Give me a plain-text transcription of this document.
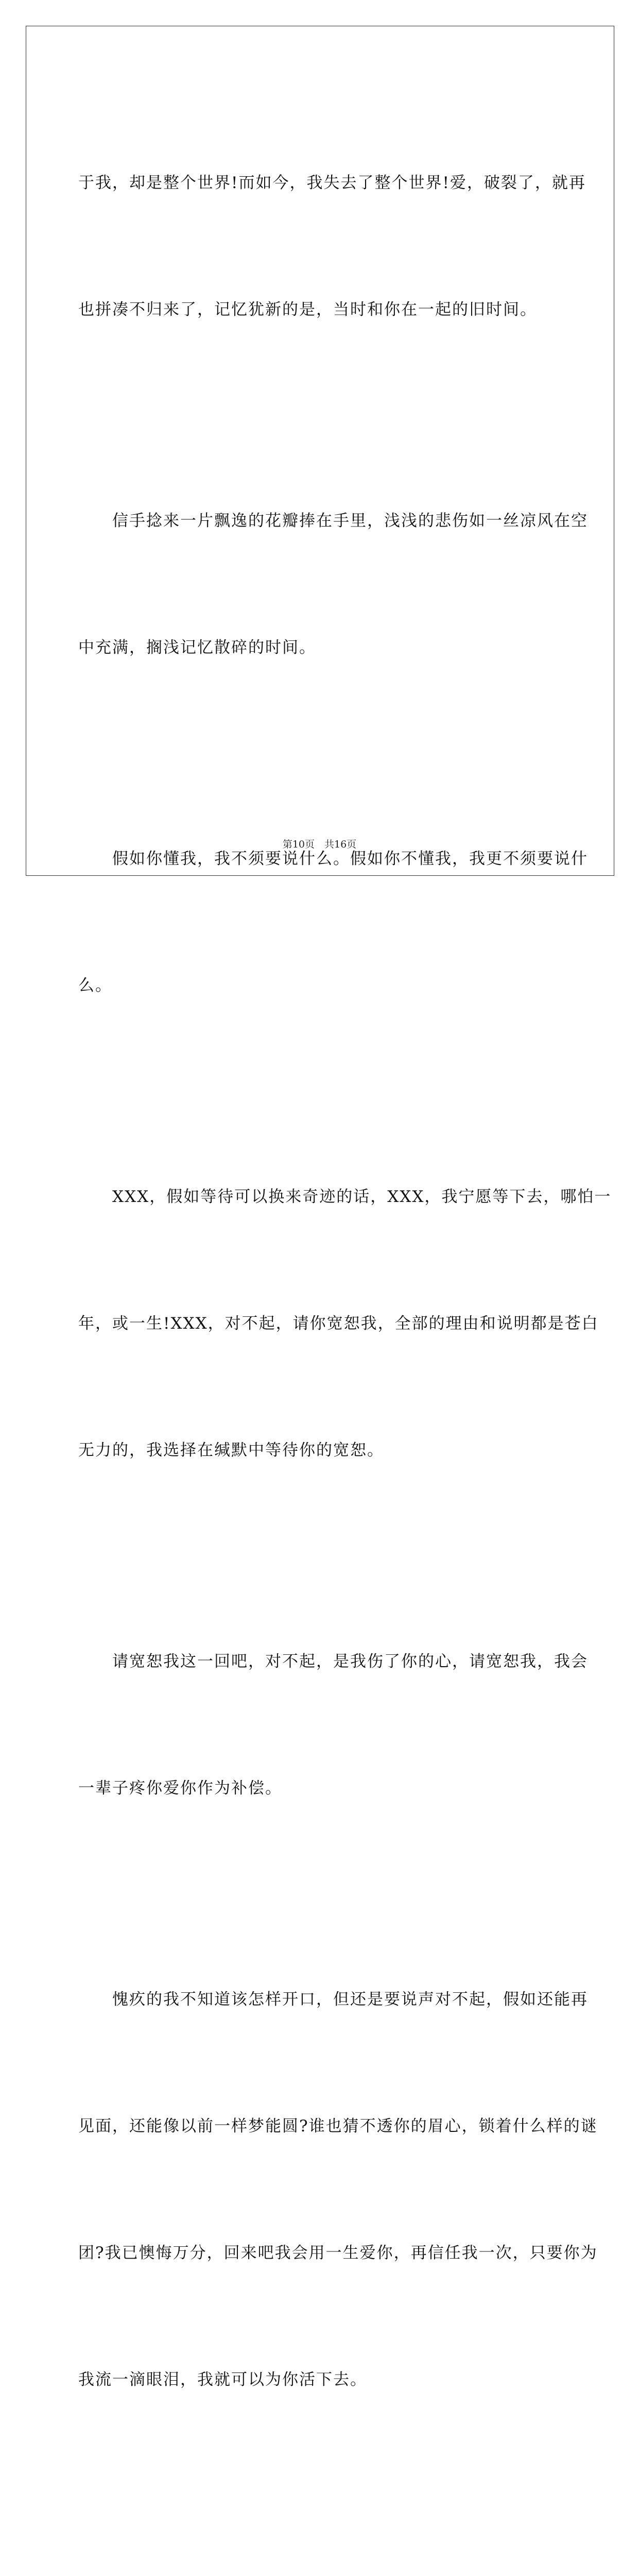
于我，却是整个世界!而如今，我失去了整个世界!爱，破裂了，就再

也拼凑不归来了，记忆犹新的是，当时和你在一起的旧时间。

　　信手捻来一片飘逸的花瓣捧在手里，浅浅的悲伤如一丝凉风在空

中充满，搁浅记忆散碎的时间。

　　假如你懂我，我不须要说什么。假如你不懂我，我更不须要说什

么。

　　XXX，假如等待可以换来奇迹的话，XXX，我宁愿等下去，哪怕一

年，或一生!XXX，对不起，请你宽恕我，全部的理由和说明都是苍白

无力的，我选择在缄默中等待你的宽恕。

　　请宽恕我这一回吧，对不起，是我伤了你的心，请宽恕我，我会

一辈子疼你爱你作为补偿。

　　愧疚的我不知道该怎样开口，但还是要说声对不起，假如还能再

见面，还能像以前一样梦能圆?谁也猜不透你的眉心，锁着什么样的谜

团?我已懊悔万分，回来吧我会用一生爱你，再信任我一次，只要你为

我流一滴眼泪，我就可以为你活下去。

第10页　共16页
